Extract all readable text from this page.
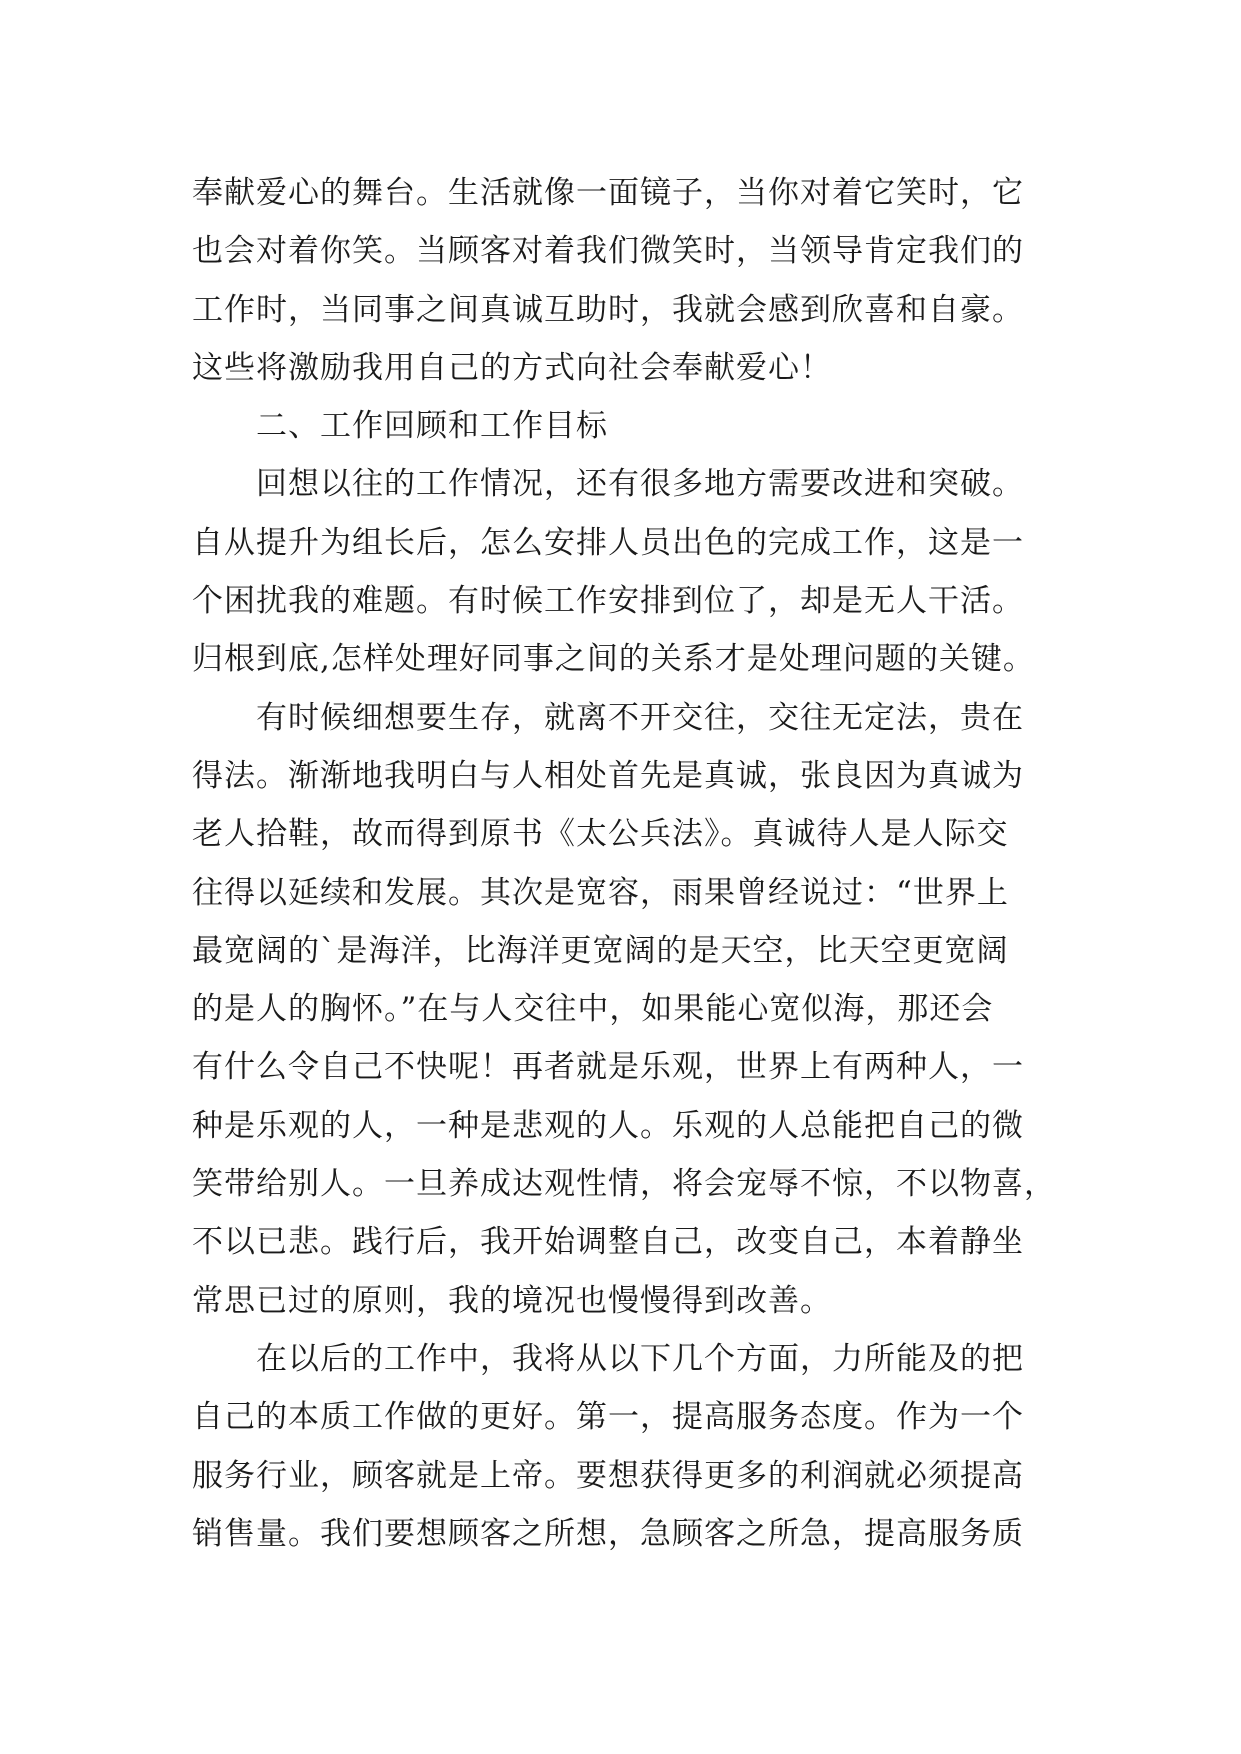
奉献爱心的舞台。生活就像一面镜子，当你对着它笑时，它
也会对着你笑。当顾客对着我们微笑时，当领导肯定我们的
工作时，当同事之间真诚互助时，我就会感到欣喜和自豪。
这些将激励我用自己的方式向社会奉献爱心！
二、工作回顾和工作目标
回想以往的工作情况，还有很多地方需要改进和突破。
自从提升为组长后，怎么安排人员出色的完成工作，这是一
个困扰我的难题。有时候工作安排到位了，却是无人干活。
归根到底,怎样处理好同事之间的关系才是处理问题的关键。
有时候细想要生存，就离不开交往，交往无定法，贵在
得法。渐渐地我明白与人相处首先是真诚，张良因为真诚为
老人拾鞋，故而得到原书《太公兵法》。真诚待人是人际交
往得以延续和发展。其次是宽容，雨果曾经说过：“世界上
最宽阔的`是海洋，比海洋更宽阔的是天空，比天空更宽阔
的是人的胸怀。”在与人交往中，如果能心宽似海，那还会
有什么令自己不快呢！再者就是乐观，世界上有两种人，一
种是乐观的人，一种是悲观的人。乐观的人总能把自己的微
笑带给别人。一旦养成达观性情，将会宠辱不惊，不以物喜，
不以已悲。践行后，我开始调整自己，改变自己，本着静坐
常思已过的原则，我的境况也慢慢得到改善。
在以后的工作中，我将从以下几个方面，力所能及的把
自己的本质工作做的更好。第一，提高服务态度。作为一个
服务行业，顾客就是上帝。要想获得更多的利润就必须提高
销售量。我们要想顾客之所想，急顾客之所急，提高服务质
